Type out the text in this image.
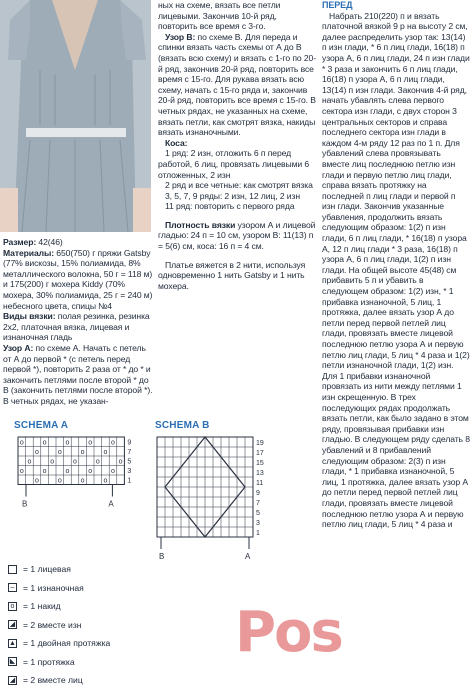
Размер: 42(46)

Материалы: 650(750) г пряжи Gatsby (77% вискозы, 15% полиамида, 8% металлического волокна, 50 г = 118 м) и 175(200) г мохера Kiddy (70% мохера, 30% полиамида, 25 г = 240 м) небесного цвета, спицы №4

Виды вязки: полая резинка, резинка 2х2, платочная вязка, лицевая и изнаночная гладь

Узор А: по схеме А. Начать с петель от А до первой * (с петель перед первой *), повторить 2 раза от * до * и закончить петлями после второй * до В (закончить петлями после второй *). В четных рядах, не указан-

ных на схеме, вязать все петли лицевыми. Закончив 10-й ряд, повторить все время с 3-го.

Узор В: по схеме В. Для переда и спинки вязать часть схемы от А до В (вязать всю схему) и вязать с 1-го по 20-й ряд, закончив 20-й ряд, повторить все время с 15-го. Для рукава вязать всю схему, начать с 15-го ряда и, закончив 20-й ряд, повторить все время с 15-го. В четных рядах, не указанных на схеме, вязать петли, как смотрят вязка, накиды вязать изнаночными.

Коса:

1 ряд: 2 изн, отложить 6 п перед работой, 6 лиц, провязать лицевыми 6 отложенных, 2 изн

2 ряд и все четные: как смотрят вязка

3, 5, 7, 9 ряды: 2 изн, 12 лиц, 2 изн

11 ряд: повторить с первого ряда

Плотность вязки узором А и лицевой гладью: 24 п = 10 см, узором В: 11(13) п = 5(6) см, коса: 16 п = 4 см.

Платье вяжется в 2 нити, используя одновременно 1 нить Gatsby и 1 нить мохера.

ПЕРЕД

Набрать 210(220) п и вязать платочной вязкой 9 р на высоту 2 см, далее распределить узор так: 13(14) п изн глади, * 6 п лиц глади, 16(18) п узора А, 6 п лиц глади, 24 п изн глади * 3 раза и закончить 6 п лиц глади, 16(18) п узора А, 6 п лиц глади, 13(14) п изн глади. Закончив 4-й ряд, начать убавлять слева первого сектора изн глади, с двух сторон 3 центральных секторов и справа последнего сектора изн глади в каждом 4-м ряду 12 раз по 1 п. Для убавлений слева провязывать вместе лиц последнюю петлю изн глади и первую петлю лиц глади, справа вязать протяжку на последней п лиц глади и первой п изн глади. Закончив указанные убавления, продолжить вязать следующим образом: 1(2) п изн глади, 6 п лиц глади, * 16(18) п узора А, 12 п лиц глади * 3 раза, 16(18) п узора А, 6 п лиц глади, 1(2) п изн глади. На общей высоте 45(48) см прибавить 5 п и убавить в следующем образом: 1(2) изн, * 1 прибавка изнаночной, 5 лиц, 1 протяжка, далее вязать узор А до петли перед первой петлей лиц глади, провязать вместе лицевой последнюю петлю узора А и первую петлю лиц глади, 5 лиц * 4 раза и 1(2) петли изнаночной глади, 1(2) изн. Для 1 прибавки изнаночной провязать из нити между петлями 1 изн скрещенную. В трех последующих рядах продолжать вязать петли, как было задано в этом ряду, провязывая прибавки изн гладью. В следующем ряду сделать 8 убавлений и 8 прибавлений следующим образом: 2(3) п изн глади, * 1 прибавка изнаночной, 5 лиц, 1 протяжка, далее вязать узор А до петли перед первой петлей лиц глади, провязать вместе лицевой последнюю петлю узора А и первую петлю лиц глади, 5 лиц * 4 раза и

SCHEMA A
o	o	o	o	o
o	o	o	o
o	o	o	o	o
o	o	o	o	o
o	o	o	o
9
7
5
3
1
B	A
SCHEMA B
19
17
15
13
11
9
7
5
3
1
B	A
= 1 лицевая
– = 1 изнаночная
o = 1 накид
◢ = 2 вместе изн
▲ = 1 двойная протяжка
◣ = 1 протяжка
◢ = 2 вместе лиц
Pos
